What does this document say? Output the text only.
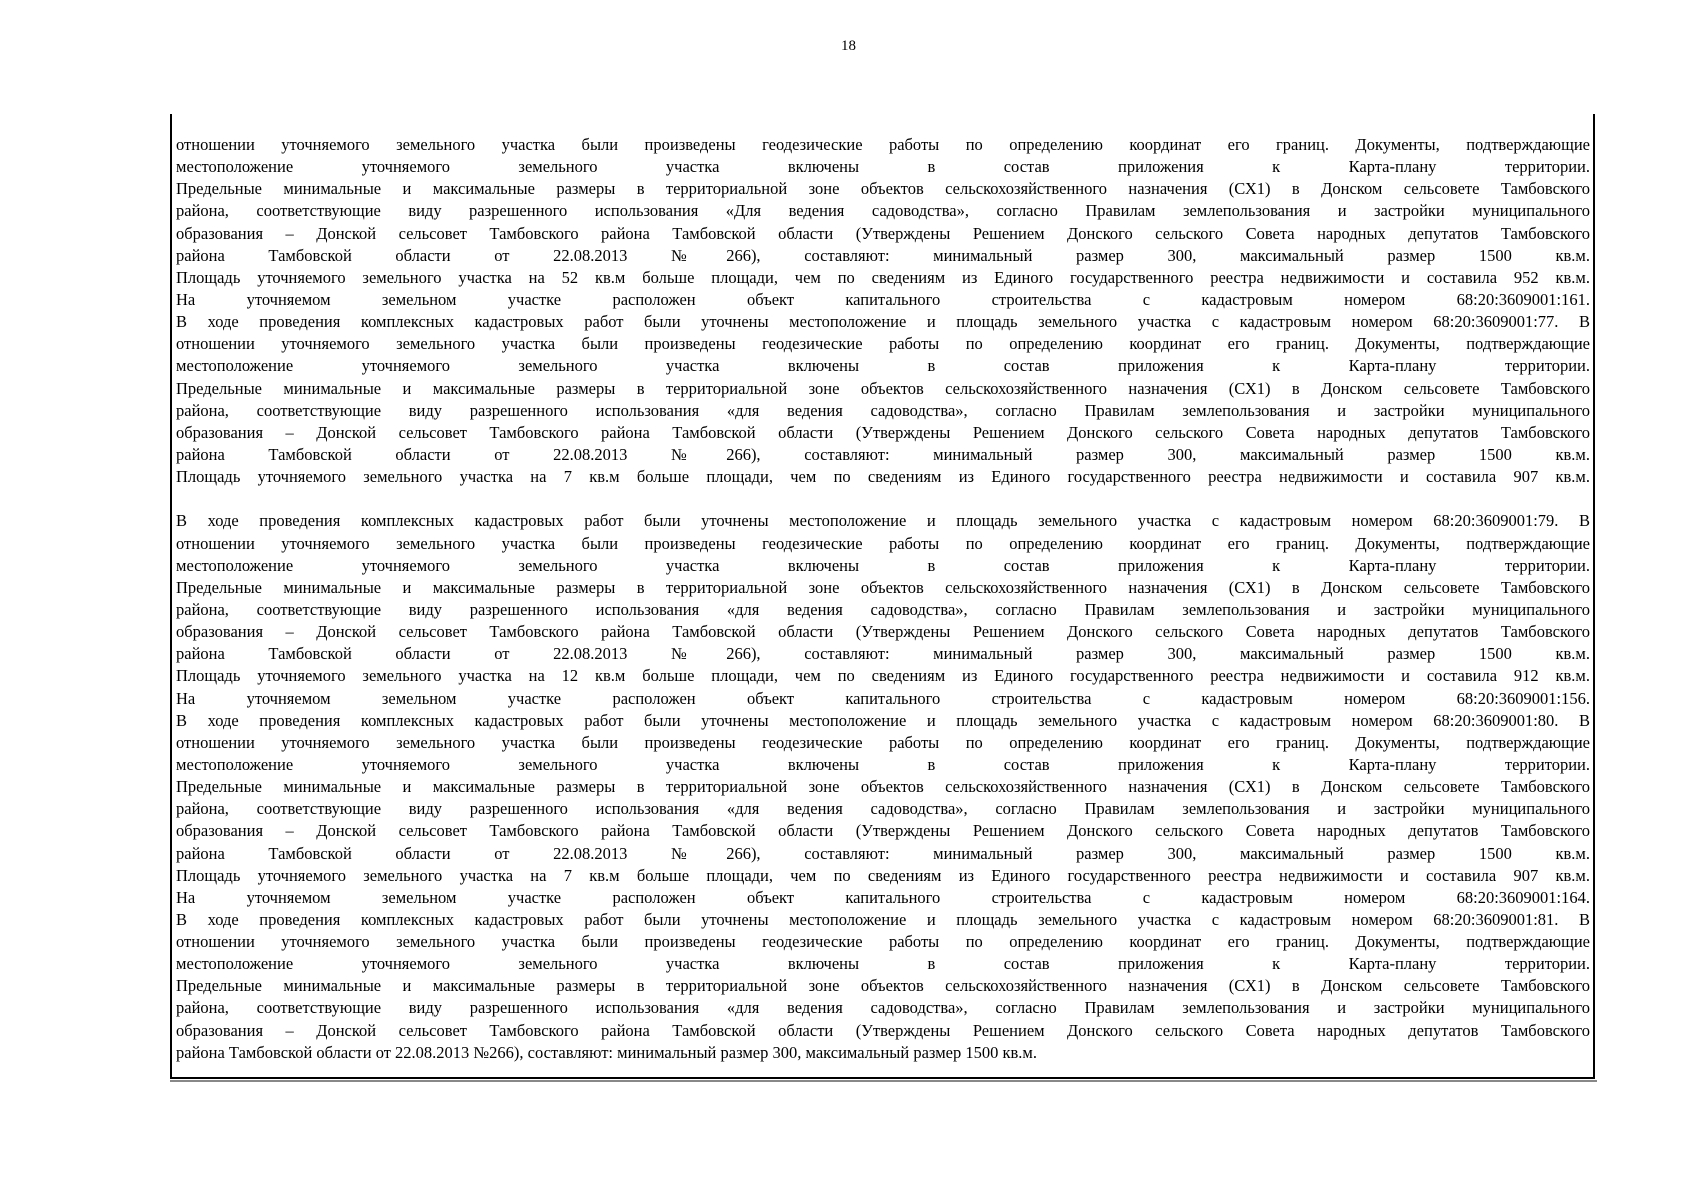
18
отношении уточняемого земельного участка были произведены геодезические работы по определению координат его границ. Документы, подтверждающие
местоположение уточняемого земельного участка включены в состав приложения к Карта-плану территории.
Предельные минимальные и максимальные размеры в территориальной зоне объектов сельскохозяйственного назначения (СХ1) в Донском сельсовете Тамбовского
района, соответствующие виду разрешенного использования «Для ведения садоводства», согласно Правилам землепользования и застройки муниципального
образования – Донской сельсовет Тамбовского района Тамбовской области (Утверждены Решением Донского сельского Совета народных депутатов Тамбовского
района Тамбовской области от 22.08.2013 №266), составляют: минимальный размер 300, максимальный размер 1500 кв.м.
Площадь уточняемого земельного участка на 52 кв.м больше площади, чем по сведениям из Единого государственного реестра недвижимости и составила 952 кв.м.
На уточняемом земельном участке расположен объект капитального строительства с кадастровым номером 68:20:3609001:161.
В ходе проведения комплексных кадастровых работ были уточнены местоположение и площадь земельного участка с кадастровым номером 68:20:3609001:77. В
отношении уточняемого земельного участка были произведены геодезические работы по определению координат его границ. Документы, подтверждающие
местоположение уточняемого земельного участка включены в состав приложения к Карта-плану территории.
Предельные минимальные и максимальные размеры в территориальной зоне объектов сельскохозяйственного назначения (СХ1) в Донском сельсовете Тамбовского
района, соответствующие виду разрешенного использования «для ведения садоводства», согласно Правилам землепользования и застройки муниципального
образования – Донской сельсовет Тамбовского района Тамбовской области (Утверждены Решением Донского сельского Совета народных депутатов Тамбовского
района Тамбовской области от 22.08.2013 №266), составляют: минимальный размер 300, максимальный размер 1500 кв.м.
Площадь уточняемого земельного участка на 7 кв.м больше площади, чем по сведениям из Единого государственного реестра недвижимости и составила 907 кв.м.
В ходе проведения комплексных кадастровых работ были уточнены местоположение и площадь земельного участка с кадастровым номером 68:20:3609001:79. В
отношении уточняемого земельного участка были произведены геодезические работы по определению координат его границ. Документы, подтверждающие
местоположение уточняемого земельного участка включены в состав приложения к Карта-плану территории.
Предельные минимальные и максимальные размеры в территориальной зоне объектов сельскохозяйственного назначения (СХ1) в Донском сельсовете Тамбовского
района, соответствующие виду разрешенного использования «для ведения садоводства», согласно Правилам землепользования и застройки муниципального
образования – Донской сельсовет Тамбовского района Тамбовской области (Утверждены Решением Донского сельского Совета народных депутатов Тамбовского
района Тамбовской области от 22.08.2013 №266), составляют: минимальный размер 300, максимальный размер 1500 кв.м.
Площадь уточняемого земельного участка на 12 кв.м больше площади, чем по сведениям из Единого государственного реестра недвижимости и составила 912 кв.м.
На уточняемом земельном участке расположен объект капитального строительства с кадастровым номером 68:20:3609001:156.
В ходе проведения комплексных кадастровых работ были уточнены местоположение и площадь земельного участка с кадастровым номером 68:20:3609001:80. В
отношении уточняемого земельного участка были произведены геодезические работы по определению координат его границ. Документы, подтверждающие
местоположение уточняемого земельного участка включены в состав приложения к Карта-плану территории.
Предельные минимальные и максимальные размеры в территориальной зоне объектов сельскохозяйственного назначения (СХ1) в Донском сельсовете Тамбовского
района, соответствующие виду разрешенного использования «для ведения садоводства», согласно Правилам землепользования и застройки муниципального
образования – Донской сельсовет Тамбовского района Тамбовской области (Утверждены Решением Донского сельского Совета народных депутатов Тамбовского
района Тамбовской области от 22.08.2013 №266), составляют: минимальный размер 300, максимальный размер 1500 кв.м.
Площадь уточняемого земельного участка на 7 кв.м больше площади, чем по сведениям из Единого государственного реестра недвижимости и составила 907 кв.м.
На уточняемом земельном участке расположен объект капитального строительства с кадастровым номером 68:20:3609001:164.
В ходе проведения комплексных кадастровых работ были уточнены местоположение и площадь земельного участка с кадастровым номером 68:20:3609001:81. В
отношении уточняемого земельного участка были произведены геодезические работы по определению координат его границ. Документы, подтверждающие
местоположение уточняемого земельного участка включены в состав приложения к Карта-плану территории.
Предельные минимальные и максимальные размеры в территориальной зоне объектов сельскохозяйственного назначения (СХ1) в Донском сельсовете Тамбовского
района, соответствующие виду разрешенного использования «для ведения садоводства», согласно Правилам землепользования и застройки муниципального
образования – Донской сельсовет Тамбовского района Тамбовской области (Утверждены Решением Донского сельского Совета народных депутатов Тамбовского
района Тамбовской области от 22.08.2013 №266), составляют: минимальный размер 300, максимальный размер 1500 кв.м.
